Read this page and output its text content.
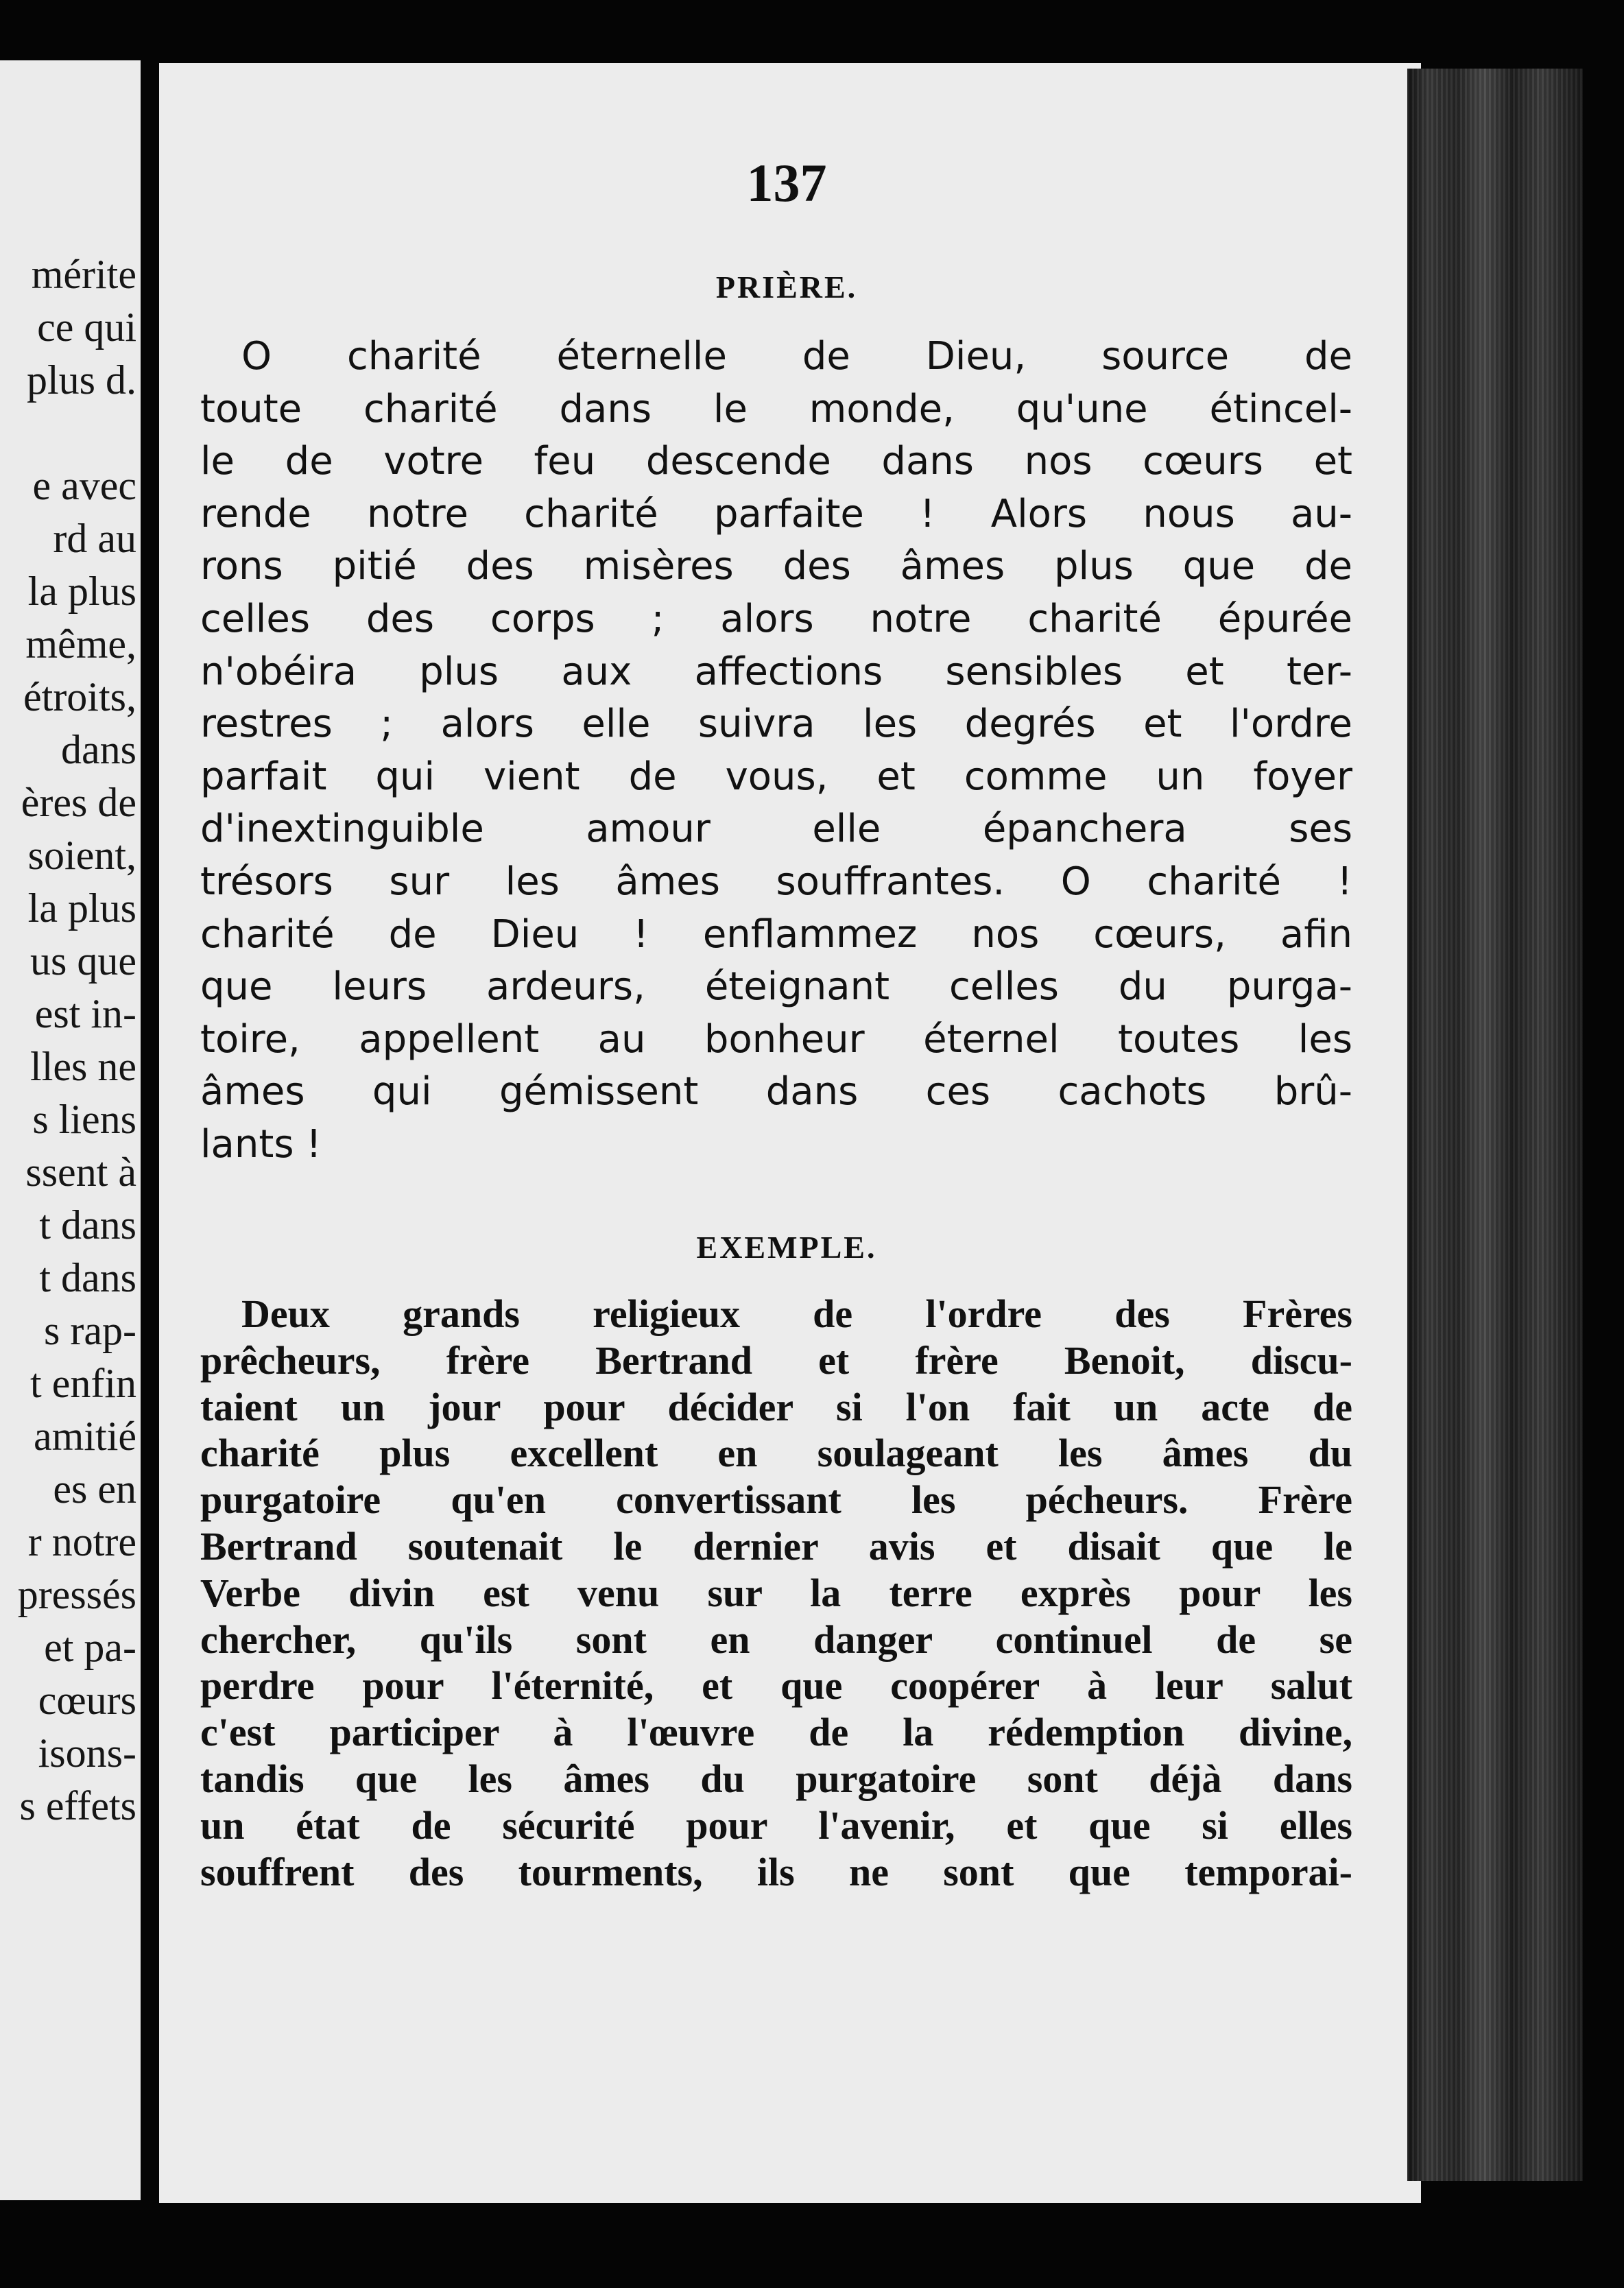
mérite
ce qui
plus d.
e avec
rd au
la plus
même,
étroits,
dans
ères de
soient,
la plus
us que
est in-
lles ne
s liens
ssent à
t dans
t dans
s rap-
t enfin
amitié
es en
r notre
pressés
et pa-
cœurs
isons-
s effets
137
PRIÈRE.
O charité éternelle de Dieu, source de
toute charité dans le monde, qu'une étincel-
le de votre feu descende dans nos cœurs et
rende notre charité parfaite ! Alors nous au-
rons pitié des misères des âmes plus que de
celles des corps ; alors notre charité épurée
n'obéira plus aux affections sensibles et ter-
restres ; alors elle suivra les degrés et l'ordre
parfait qui vient de vous, et comme un foyer
d'inextinguible amour elle épanchera ses
trésors sur les âmes souffrantes. O charité !
charité de Dieu ! enflammez nos cœurs, afin
que leurs ardeurs, éteignant celles du purga-
toire, appellent au bonheur éternel toutes les
âmes qui gémissent dans ces cachots brû-
lants !
EXEMPLE.
Deux grands religieux de l'ordre des Frères
prêcheurs, frère Bertrand et frère Benoit, discu-
taient un jour pour décider si l'on fait un acte de
charité plus excellent en soulageant les âmes du
purgatoire qu'en convertissant les pécheurs. Frère
Bertrand soutenait le dernier avis et disait que le
Verbe divin est venu sur la terre exprès pour les
chercher, qu'ils sont en danger continuel de se
perdre pour l'éternité, et que coopérer à leur salut
c'est participer à l'œuvre de la rédemption divine,
tandis que les âmes du purgatoire sont déjà dans
un état de sécurité pour l'avenir, et que si elles
souffrent des tourments, ils ne sont que temporai-
